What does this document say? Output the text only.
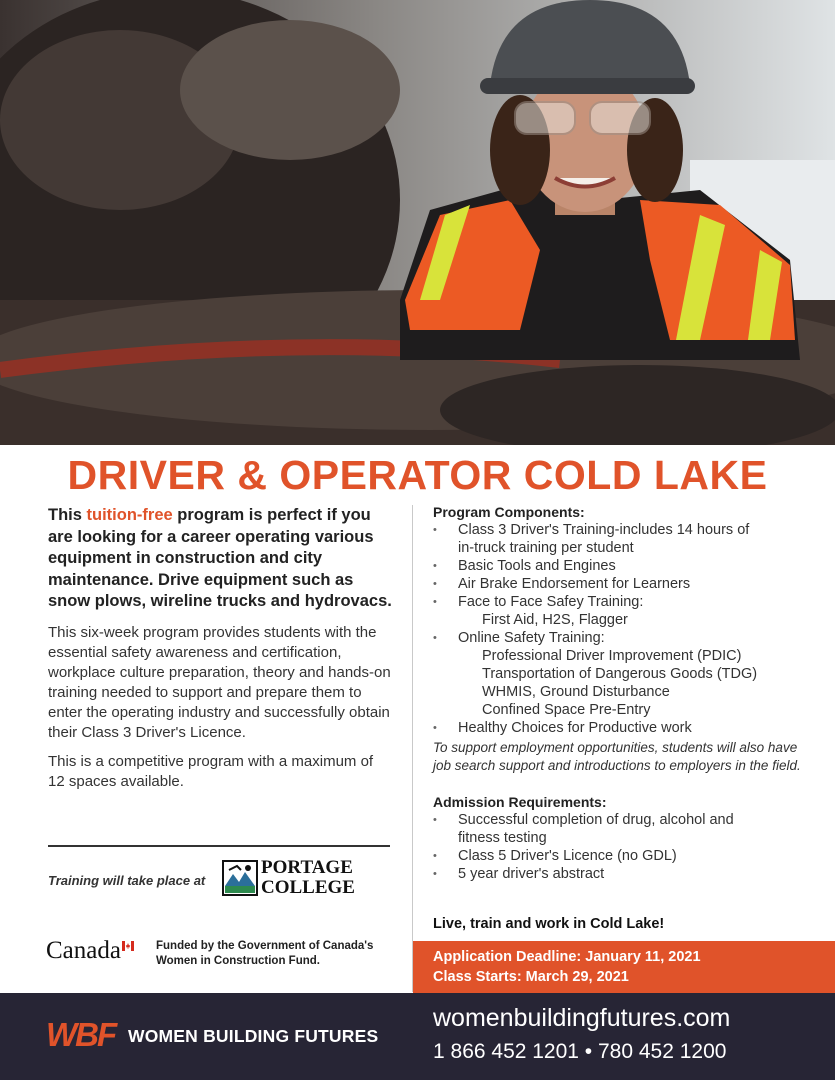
DRIVER & OPERATOR COLD LAKE

This tuition-free program is perfect if you are looking for a career operating various equipment in construction and city maintenance. Drive equipment such as snow plows, wireline trucks and hydrovacs.

This six-week program provides students with the essential safety awareness and certification, workplace culture preparation, theory and hands-on training needed to support and prepare them to enter the operating industry and successfully obtain their Class 3 Driver's Licence.

This is a competitive program with a maximum of 12 spaces available.

Training will take place at
PORTAGE
COLLEGE
Canada	Funded by the Government of Canada's
Women in Construction Fund.

Program Components:

• Class 3 Driver's Training-includes 14 hours of
in-truck training per student
• Basic Tools and Engines
• Air Brake Endorsement for Learners
• Face to Face Safey Training:
First Aid, H2S, Flagger
• Online Safety Training:
Professional Driver Improvement (PDIC)
Transportation of Dangerous Goods (TDG)
WHMIS, Ground Disturbance
Confined Space Pre-Entry
• Healthy Choices for Productive work

To support employment opportunities, students will also have job search support and introductions to employers in the field.

Admission Requirements:

• Successful completion of drug, alcohol and
fitness testing
• Class 5 Driver's Licence (no GDL)
• 5 year driver's abstract
Live, train and work in Cold Lake!
Application Deadline: January 11, 2021
Class Starts: March 29, 2021
WBF WOMEN BUILDING FUTURES
womenbuildingfutures.com
1 866 452 1201 • 780 452 1200
